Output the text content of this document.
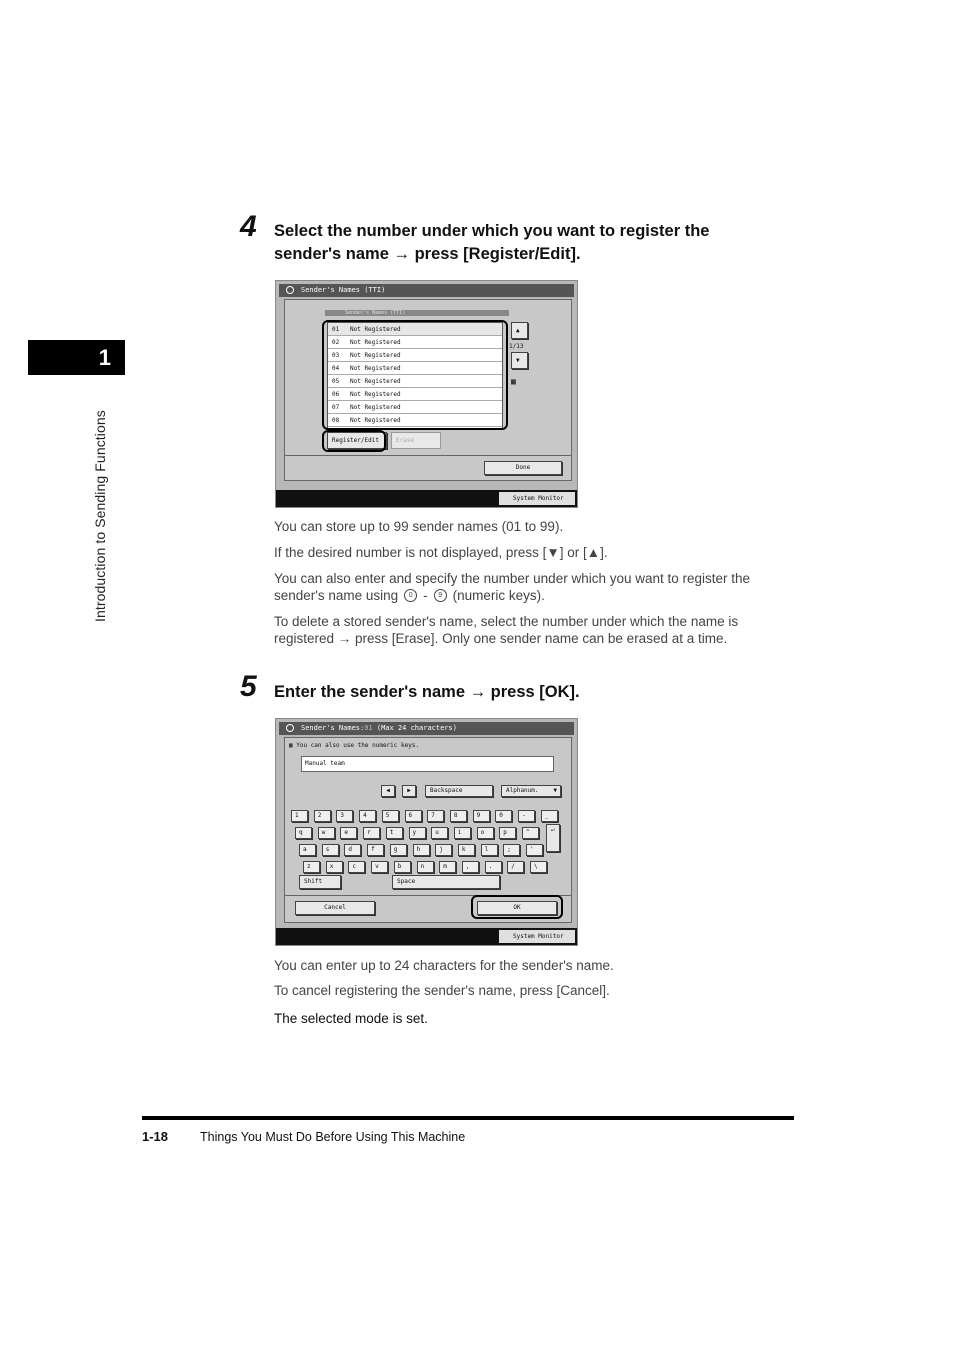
1
Introduction to Sending Functions
4 Select the number under which you want to register the
sender's name → press [Register/Edit].
Sender's Names (TTI)
Sender's Names (TTI)
01	Not Registered
02	Not Registered
03	Not Registered
04	Not Registered
05	Not Registered
06	Not Registered
07	Not Registered
08	Not Registered
▲
1/13
▼
▦
Register/Edit	Erase
Done
System Monitor
You can store up to 99 sender names (01 to 99).
If the desired number is not displayed, press [▼] or [▲].
You can also enter and specify the number under which you want to register the
sender's name using	0 -	9 (numeric keys).
To delete a stored sender's name, select the number under which the name is
registered → press [Erase]. Only one sender name can be erased at a time.
5 Enter the sender's name → press [OK].
Sender's Names:01 (Max 24 characters)
▦ You can also use the numeric keys.
Manual team
◀	▶	Backspace	Alphanum. ▼
1	2	3	4	5	6	7	8	9	0	-	_
q	w	e	r	t	y	u	i	o	p	^
a	s	d	f	g	h	j	k	l	;	'
z	x	c	v	b	n	m	,	.	/	\
↵
Shift	Space
Cancel	OK
System Monitor
You can enter up to 24 characters for the sender's name.
To cancel registering the sender's name, press [Cancel].
The selected mode is set.
1-18	Things You Must Do Before Using This Machine
